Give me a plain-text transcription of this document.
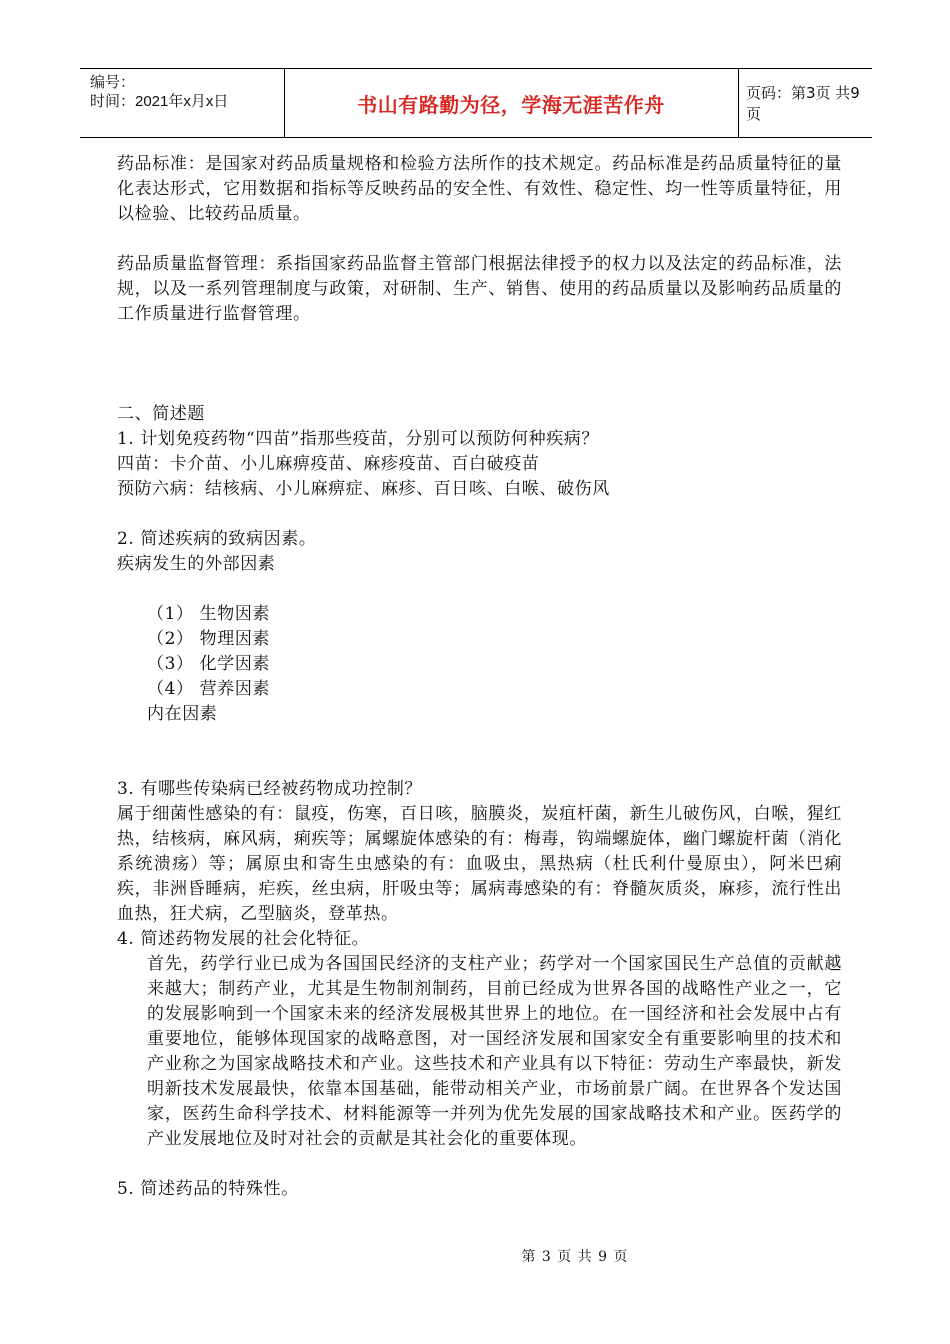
编号：
时间：2021年x月x日	书山有路勤为径，学海无涯苦作舟	页码：第3页 共9页

药品标准：是国家对药品质量规格和检验方法所作的技术规定。药品标准是药品质量特征的量化表达形式，它用数据和指标等反映药品的安全性、有效性、稳定性、均一性等质量特征，用以检验、比较药品质量。

药品质量监督管理：系指国家药品监督主管部门根据法律授予的权力以及法定的药品标准，法规，以及一系列管理制度与政策，对研制、生产、销售、使用的药品质量以及影响药品质量的工作质量进行监督管理。

二、简述题

1. 计划免疫药物“四苗”指那些疫苗，分别可以预防何种疾病？

四苗：卡介苗、小儿麻痹疫苗、麻疹疫苗、百白破疫苗

预防六病：结核病、小儿麻痹症、麻疹、百日咳、白喉、破伤风

2. 简述疾病的致病因素。

疾病发生的外部因素

（1） 生物因素

（2） 物理因素

（3） 化学因素

（4） 营养因素

内在因素

3. 有哪些传染病已经被药物成功控制？

属于细菌性感染的有：鼠疫，伤寒，百日咳，脑膜炎，炭疽杆菌，新生儿破伤风，白喉，猩红热，结核病，麻风病，痢疾等；属螺旋体感染的有：梅毒，钩端螺旋体，幽门螺旋杆菌（消化系统溃疡）等；属原虫和寄生虫感染的有：血吸虫，黑热病（杜氏利什曼原虫），阿米巴痢疾，非洲昏睡病，疟疾，丝虫病，肝吸虫等；属病毒感染的有：脊髓灰质炎，麻疹，流行性出血热，狂犬病，乙型脑炎，登革热。

4. 简述药物发展的社会化特征。

首先，药学行业已成为各国国民经济的支柱产业；药学对一个国家国民生产总值的贡献越来越大；制药产业，尤其是生物制剂制药，目前已经成为世界各国的战略性产业之一，它的发展影响到一个国家未来的经济发展极其世界上的地位。在一国经济和社会发展中占有重要地位，能够体现国家的战略意图，对一国经济发展和国家安全有重要影响里的技术和产业称之为国家战略技术和产业。这些技术和产业具有以下特征：劳动生产率最快，新发明新技术发展最快，依靠本国基础，能带动相关产业，市场前景广阔。在世界各个发达国家，医药生命科学技术、材料能源等一并列为优先发展的国家战略技术和产业。医药学的产业发展地位及时对社会的贡献是其社会化的重要体现。

5. 简述药品的特殊性。

第 3 页 共 9 页
